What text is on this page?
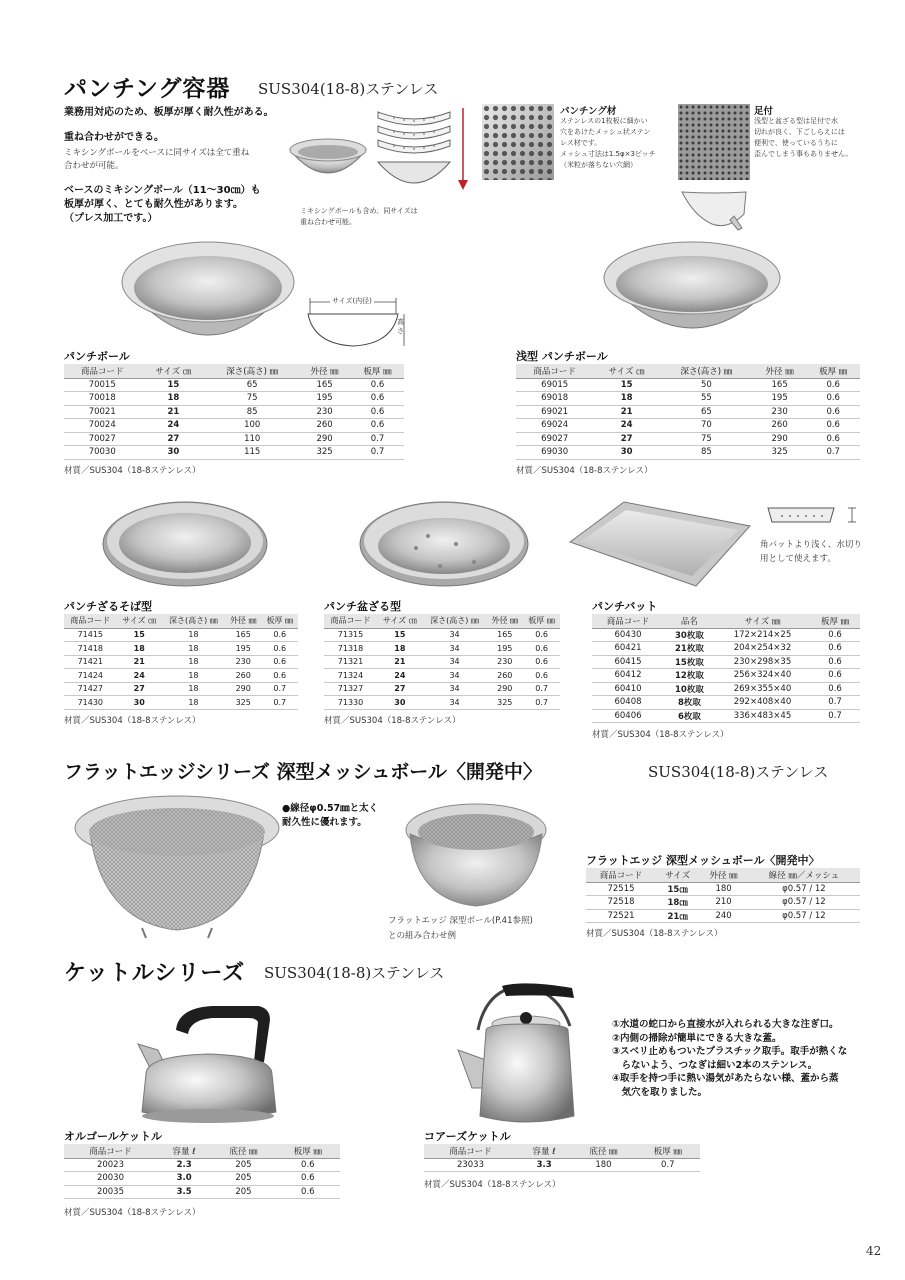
パンチング容器 SUS304(18-8)ステンレス
業務用対応のため、板厚が厚く耐久性がある。
重ね合わせができる。
ミキシングボールをベースに同サイズは全て重ね
合わせが可能。
ベースのミキシングボール（11～30㎝）も
板厚が厚く、とても耐久性があります。
（プレス加工です。）
ミキシングボールも含め、同サイズは
重ね合わせ可能。
パンチング材
ステンレスの1枚板に細かい
穴をあけたメッシュ状ステン
レス材です。
メッシュ寸法は1.5φ×3ピッチ
（米粒が落ちない穴網）
足付
浅型と盆ざる型は足付で水
切れが良く、下ごしらえには
便利で、使っているうちに
歪んでしまう事もありません。
サイズ(内径)
高さ
パンチボール
商品コード	サイズ ㎝	深さ(高さ) ㎜	外径 ㎜	板厚 ㎜
70015	15	65	165	0.6
70018	18	75	195	0.6
70021	21	85	230	0.6
70024	24	100	260	0.6
70027	27	110	290	0.7
70030	30	115	325	0.7
材質／SUS304（18-8ステンレス）
浅型 パンチボール
商品コード	サイズ ㎝	深さ(高さ) ㎜	外径 ㎜	板厚 ㎜
69015	15	50	165	0.6
69018	18	55	195	0.6
69021	21	65	230	0.6
69024	24	70	260	0.6
69027	27	75	290	0.6
69030	30	85	325	0.7
材質／SUS304（18-8ステンレス）
角バットより浅く、水切り
用として使えます。
パンチざるそば型
商品コード	サイズ ㎝	深さ(高さ) ㎜	外径 ㎜	板厚 ㎜
71415	15	18	165	0.6
71418	18	18	195	0.6
71421	21	18	230	0.6
71424	24	18	260	0.6
71427	27	18	290	0.7
71430	30	18	325	0.7
材質／SUS304（18-8ステンレス）
パンチ盆ざる型
商品コード	サイズ ㎝	深さ(高さ) ㎜	外径 ㎜	板厚 ㎜
71315	15	34	165	0.6
71318	18	34	195	0.6
71321	21	34	230	0.6
71324	24	34	260	0.6
71327	27	34	290	0.7
71330	30	34	325	0.7
材質／SUS304（18-8ステンレス）
パンチバット
商品コード	品名	サイズ ㎜	板厚 ㎜
60430	30枚取	172×214×25	0.6
60421	21枚取	204×254×32	0.6
60415	15枚取	230×298×35	0.6
60412	12枚取	256×324×40	0.6
60410	10枚取	269×355×40	0.6
60408	8枚取	292×408×40	0.7
60406	6枚取	336×483×45	0.7
材質／SUS304（18-8ステンレス）
フラットエッジシリーズ 深型メッシュボール〈開発中〉	SUS304(18-8)ステンレス
●線径φ0.57㎜と太く
耐久性に優れます。
フラットエッジ 深型ボール(P.41参照)
との組み合わせ例
フラットエッジ 深型メッシュボール〈開発中〉
商品コード	サイズ	外径 ㎜	線径 ㎜／メッシュ
72515	15㎝	180	φ0.57 / 12
72518	18㎝	210	φ0.57 / 12
72521	21㎝	240	φ0.57 / 12
材質／SUS304（18-8ステンレス）
ケットルシリーズ SUS304(18-8)ステンレス
①水道の蛇口から直接水が入れられる大きな注ぎ口。
②内側の掃除が簡単にできる大きな蓋。
③スベリ止めもついたプラスチック取手。取手が熱くな
　らないよう、つなぎは細い2本のステンレス。
④取手を持つ手に熱い湯気があたらない様、蓋から蒸
　気穴を取りました。
オルゴールケットル
商品コード	容量 ℓ	底径 ㎜	板厚 ㎜
20023	2.3	205	0.6
20030	3.0	205	0.6
20035	3.5	205	0.6
材質／SUS304（18-8ステンレス）
コアーズケットル
商品コード	容量 ℓ	底径 ㎜	板厚 ㎜
23033	3.3	180	0.7
材質／SUS304（18-8ステンレス）
42
